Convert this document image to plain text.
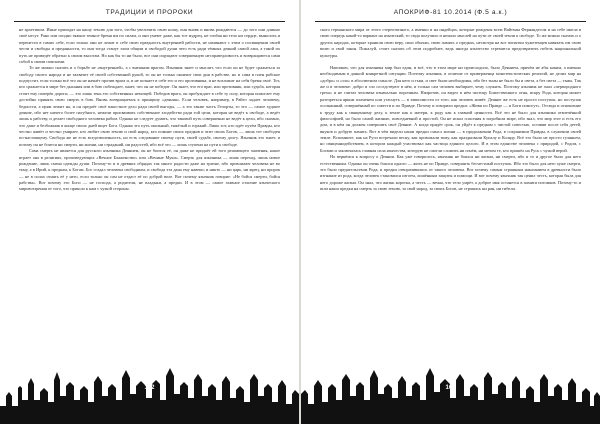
ТРАДИЦИИ И ПРОРОКИ

не архетипом. Иные приходят на нашу землю для того, чтобы увеличить свою ношу, они вновь и вновь рождаются — до того они длинно своё несут. Рано или поздно тяжкое земное бремя им по силам, и они умеют даже, как тот мудрец, не сгибая ни тело ни сердце, выносить и перенести в самих себе, если только они не лежат в себе свою праздность внутренней рабости, не начинают с этим о посвящении своей чести и свободы и преданности, то они тогда станут злом общим и свободой души чего есть ради тёмных деяний самой лжи, а такой их путь не приведёт обратно к своим высотам. Но как бы то ни было, все они ощущают совершенную несправедливость и возвращаются сами собой к своим поисками.

То же можно сказать и о борьбе не «внутренней», а с внешним врагом. Язычник знает и мыслит, что если он не будет сражаться за свободу своего народа и не захватит её своей собственной рукой, то он не только окончит свои дни в рабстве, но и сама в плен рабское подпустит, если только всё это он не начнёт против врага и, и не познает в себе его и его противника, и не возложит на себя бремя своё. Тот, кто сражается в мире без дыхания или в бою побеждает, знает, что он не победит. Он знает, что его враг, или противник, или судьба, которая стоит ему поперёк дороги, — это лишь тень его собственных немощей. Победив врага, он пробуждает в себе ту силу, которая помогает ему достойно принять свою смерть в бою. Вновь возвращаемся к принципу «деяния». Если человек, например, в Райто ладает человеку, бедности, а прям лежит на, и он предаёт своё пакостное дело ради своей выгоды, — а это также часть Гепорты, то это — самое худшее деяние, ибо нет ничего более пагубного, нежели присваивать собственное злодейство ради той цели, которая не ведёт к свободе, а ведёт лишь к рабству, и делает свободного человека рабом. Однако не следует думать, что таковой путь совершенно не ведёт к цели, ибо сказано, что даже и безбожник в конце своих дней ищет Бога. Однако это путь окольный, тяжёлый и горький. Лишь тот, кто идёт путём Правды, кто честно живёт и честно умирает, кто любит свою землю и свой народ, кто помнит своих предков и чтит своих Богов, — лишь тот свободен по-настоящему. Свобода же не есть вседозволенность, но есть следование своему пути, своей судьбе, своему долгу. Язычник это знает, и потому он не боится ни смерти, ни жизни, ни страданий, ни радостей, ибо всё это — лишь ступени на пути к свободе.

Сама смерть не является для русского язычника Деянием, он не боится её, он даже не придаёт ей того решающего значения, какое играет она в религиях, проповедующих «Вечное Блаженство» или «Вечные Муки». Смерть для язычника — лишь переход, лишь новое рождение, лишь смена одежды души. Потому-то и в древних обрядах так много радости даже на тризне, ибо провожают человека не во тьму, а в Ирий, к предкам, к Богам. Бог создал человека свободным, и свобода эта дана ему навеки; и никто — ни царь, ни жрец, ни пророк — не в силах отнять её у него, если только он сам не отдаст её по доброй воле. Вот почему язычник говорит: «Не бойся смерти, бойся рабства». Вот почему его Боги — не господа, а родители, не владыки, а предки. И в этом — самое главное отличие языческого мировоззрения от того, что пришло к нам с чужой стороны.

162
АПОКРИФ-81 10.2014 (Ф.5 а.к.)

ского германского мира от этого стереотипного, а именно и на индейцах, которые рождены всем Вайтман Фернандесом и на себе имела в свою очередь какой-то вариант на языческий, то сюда получило и немало мыслей на пути от своей земли к свободе. То же можно сказать и о других народах, которые хранили свою веру, свои обычаи, свою память о предках, несмотря на все попытки чужеземцев навязать им свою волю и свой закон. Пожалуй, стоит сказать об этом подробнее, ведь иногда язычество стремится предотвратить гибель национальной культуры.

Напомню, что для язычника мир был един, и всё, что в этом мире ни происходило, было Деянием, причём не абы каким, а именно необходимым в данной конкретной ситуации. Поэтому язычник, в отличие от приверженца монотеистических религий, не делил мир на «добро» и «зло» в абсолютном смысле. Для него и тьма, и свет были необходимы, ибо без тьмы не было бы и света, а без света — тьмы. Так же и в человеке: добро и зло соседствуют в нём, и только сам человек выбирает, чему служить. Поэтому язычник не знал «первородного греха» и не считал человека изначально порочным. Напротив, он видел в нём частицу Божественного огня, искру Рода, которая может разгореться ярким пламенем или угаснуть — в зависимости от того, как человек живёт. Деяние же есть не просто поступок, но поступок осознанный, совершённый по совести и по Правде. Потому и говорили предки: «Живи по Правде — и Боги помогут». Отсюда и отношение к труду как к священному делу, к земле как к матери, к роду как к главной ценности. Всё это не было для язычника отвлечённой философией, но было самой жизнью, повседневной и простой. Он не искал спасения в загробном мире, ибо знал, что мир этот и есть его дом, и в нём он должен совершить своё Деяние. А когда придёт срок, он уйдёт к предкам с чистой совестью, оставив после себя детей, внуков и добрую память. Вот в чём видели наши предки смысл жизни — в продолжении Рода, в сохранении Правды, в служении своей земле. Вспомните, как на Руси встречали весну, как провожали зиму, как праздновали Купалу и Коляду. Всё это было не просто гуляньем, но священнодействием, в котором каждый участвовал как частица единого целого. И в этом единстве человека с природой, с Родом, с Богами и заключалась главная сила язычества, которую не смогли сломить ни огнём, ни мечом те, кто пришёл на Русь с чужой верой.

Но вернёмся к вопросу о Деянии. Как уже говорилось, язычник не боялся ни жизни, ни смерти, ибо и то и другое было для него естественным. Однако он очень боялся одного — жить не по Правде, совершить бесчестный поступок. Ибо это было для него хуже смерти, это было предательством Рода, и предки отворачивались от такого человека. Вот почему самым страшным наказанием в древности было изгнание из рода, когда человек становился изгоем, лишённым защиты и помощи. И вот почему язычник так ценил честь, которая была для него дороже жизни. Он знал, что жизнь коротка, а честь — вечна, что тело умрёт, а доброе имя останется в памяти потомков. Потому-то и шли наши предки на смерть за свою землю, за свой народ, за своих Богов, не страшась ни ран, ни гибели.

163
